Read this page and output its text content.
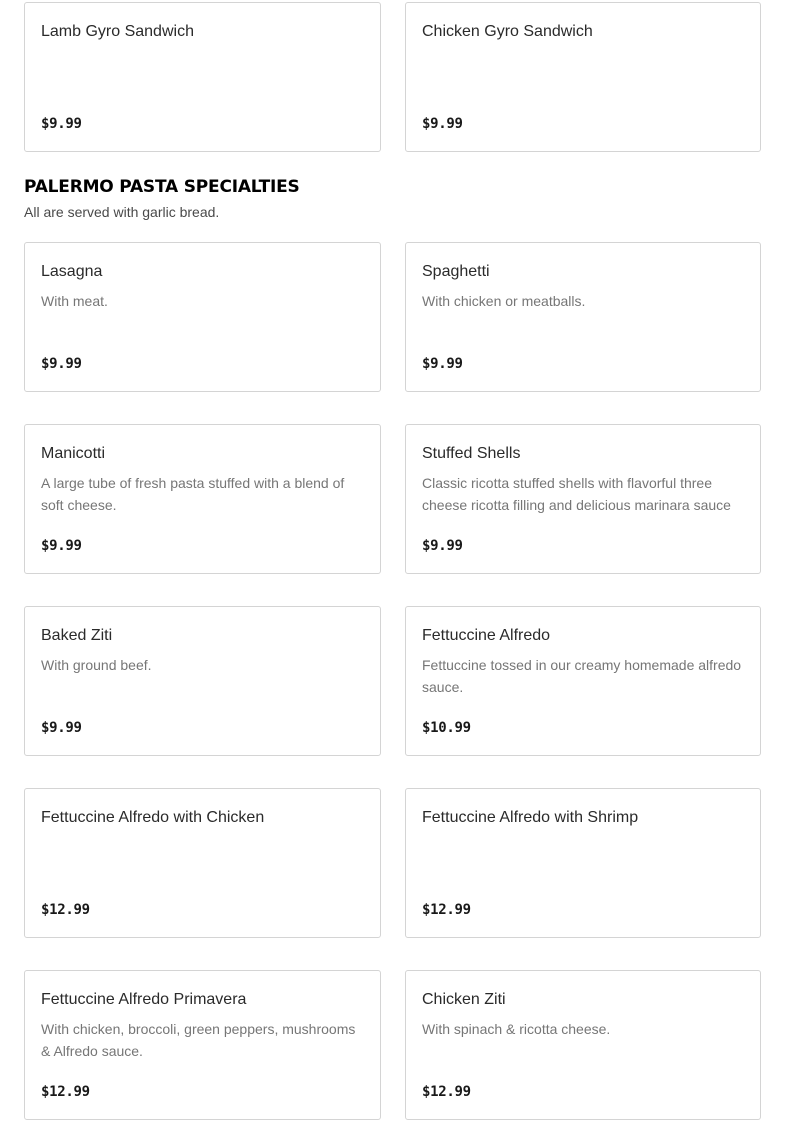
Lamb Gyro Sandwich
$9.99
Chicken Gyro Sandwich
$9.99
PALERMO PASTA SPECIALTIES
All are served with garlic bread.
Lasagna
With meat.
$9.99
Spaghetti
With chicken or meatballs.
$9.99
Manicotti
A large tube of fresh pasta stuffed with a blend of soft cheese.
$9.99
Stuffed Shells
Classic ricotta stuffed shells with flavorful three cheese ricotta filling and delicious marinara sauce
$9.99
Baked Ziti
With ground beef.
$9.99
Fettuccine Alfredo
Fettuccine tossed in our creamy homemade alfredo sauce.
$10.99
Fettuccine Alfredo with Chicken
$12.99
Fettuccine Alfredo with Shrimp
$12.99
Fettuccine Alfredo Primavera
With chicken, broccoli, green peppers, mushrooms & Alfredo sauce.
$12.99
Chicken Ziti
With spinach & ricotta cheese.
$12.99
